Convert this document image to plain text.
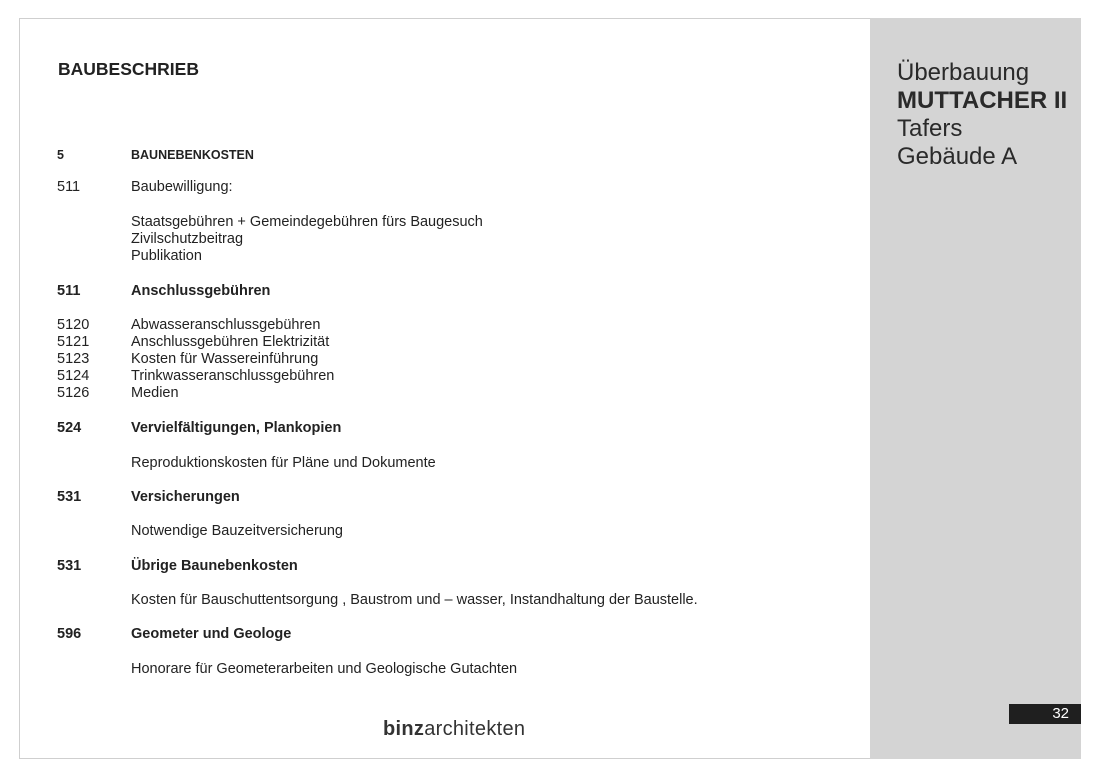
Überbauung
MUTTACHER II
Tafers
Gebäude A
32
BAUBESCHRIEB
5	BAUNEBENKOSTEN
511	Baubewilligung:
Staatsgebühren + Gemeindegebühren fürs Baugesuch
Zivilschutzbeitrag
Publikation
511	Anschlussgebühren
5120	Abwasseranschlussgebühren
5121	Anschlussgebühren Elektrizität
5123	Kosten für Wassereinführung
5124	Trinkwasseranschlussgebühren
5126	Medien
524	Vervielfältigungen, Plankopien
Reproduktionskosten für Pläne und Dokumente
531	Versicherungen
Notwendige Bauzeitversicherung
531	Übrige Baunebenkosten
Kosten für Bauschuttentsorgung , Baustrom und – wasser, Instandhaltung der Baustelle.
596	Geometer und Geologe
Honorare für Geometerarbeiten und Geologische Gutachten
binzarchitekten
